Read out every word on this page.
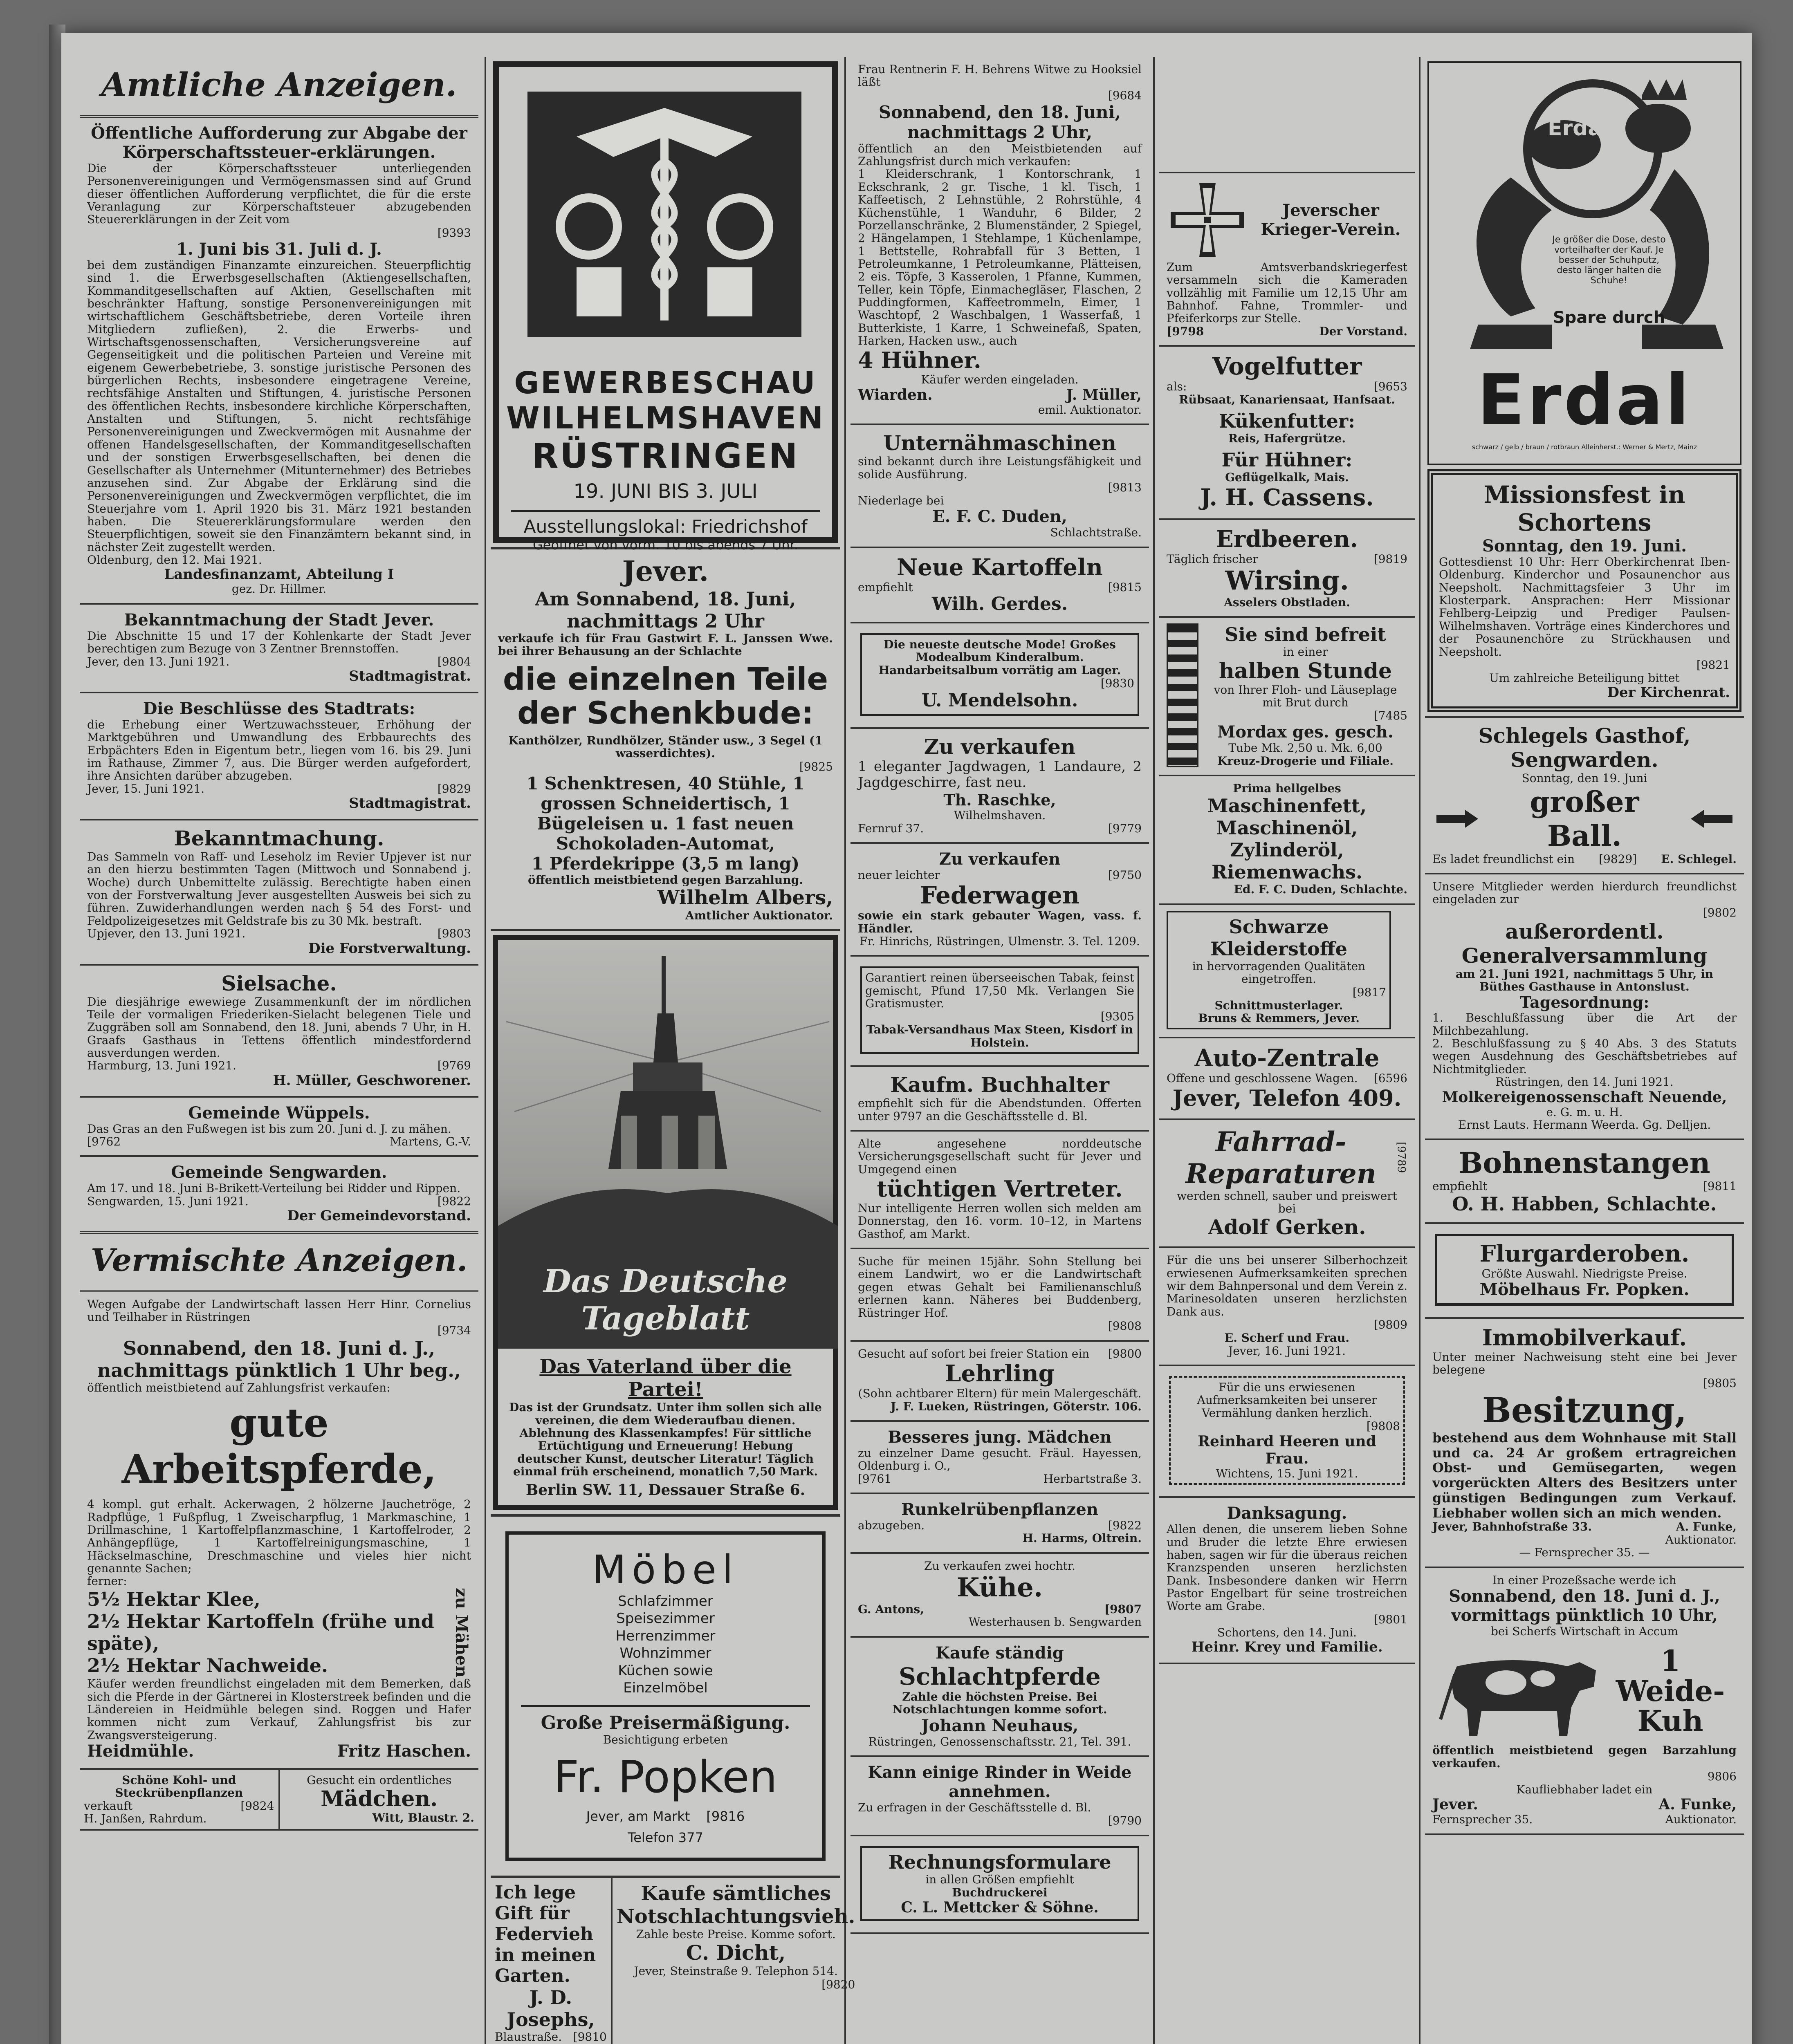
Amtliche Anzeigen.
Öffentliche Aufforderung zur Abgabe der Körperschaftssteuer-erklärungen.
Die der Körperschaftssteuer unterliegenden Personenvereinigungen und Vermögensmassen sind auf Grund dieser öffentlichen Aufforderung verpflichtet, die für die erste Veranlagung zur Körperschaftsteuer abzugebenden Steuererklärungen in der Zeit vom
[9393
1. Juni bis 31. Juli d. J.
bei dem zuständigen Finanzamte einzureichen. Steuerpflichtig sind 1. die Erwerbsgesellschaften (Aktiengesellschaften, Kommanditgesellschaften auf Aktien, Gesellschaften mit beschränkter Haftung, sonstige Personenvereinigungen mit wirtschaftlichem Geschäftsbetriebe, deren Vorteile ihren Mitgliedern zufließen), 2. die Erwerbs- und Wirtschaftsgenossenschaften, Versicherungsvereine auf Gegenseitigkeit und die politischen Parteien und Vereine mit eigenem Gewerbebetriebe, 3. sonstige juristische Personen des bürgerlichen Rechts, insbesondere eingetragene Vereine, rechtsfähige Anstalten und Stiftungen, 4. juristische Personen des öffentlichen Rechts, insbesondere kirchliche Körperschaften, Anstalten und Stiftungen, 5. nicht rechtsfähige Personenvereinigungen und Zweckvermögen mit Ausnahme der offenen Handelsgesellschaften, der Kommanditgesellschaften und der sonstigen Erwerbsgesellschaften, bei denen die Gesellschafter als Unternehmer (Mitunternehmer) des Betriebes anzusehen sind. Zur Abgabe der Erklärung sind die Personenvereinigungen und Zweckvermögen verpflichtet, die im Steuerjahre vom 1. April 1920 bis 31. März 1921 bestanden haben. Die Steuererklärungsformulare werden den Steuerpflichtigen, soweit sie den Finanzämtern bekannt sind, in nächster Zeit zugestellt werden.
Oldenburg, den 12. Mai 1921.
Landesfinanzamt, Abteilung I
gez. Dr. Hillmer.
Bekanntmachung der Stadt Jever.
Die Abschnitte 15 und 17 der Kohlenkarte der Stadt Jever berechtigen zum Bezuge von 3 Zentner Brennstoffen.
Jever, den 13. Juni 1921.	[9804
Stadtmagistrat.
Die Beschlüsse des Stadtrats:
die Erhebung einer Wertzuwachssteuer, Erhöhung der Marktgebühren und Umwandlung des Erbbaurechts des Erbpächters Eden in Eigentum betr., liegen vom 16. bis 29. Juni im Rathause, Zimmer 7, aus. Die Bürger werden aufgefordert, ihre Ansichten darüber abzugeben.
Jever, 15. Juni 1921.	[9829
Stadtmagistrat.
Bekanntmachung.
Das Sammeln von Raff- und Leseholz im Revier Upjever ist nur an den hierzu bestimmten Tagen (Mittwoch und Sonnabend j. Woche) durch Unbemittelte zulässig. Berechtigte haben einen von der Forstverwaltung Jever ausgestellten Ausweis bei sich zu führen. Zuwiderhandlungen werden nach § 54 des Forst- und Feldpolizeigesetzes mit Geldstrafe bis zu 30 Mk. bestraft.
Upjever, den 13. Juni 1921.	[9803
Die Forstverwaltung.
Sielsache.
Die diesjährige ewewiege Zusammenkunft der im nördlichen Teile der vormaligen Friederiken-Sielacht belegenen Tiele und Zuggräben soll am Sonnabend, den 18. Juni, abends 7 Uhr, in H. Graafs Gasthaus in Tettens öffentlich mindestfordernd ausverdungen werden.
Harmburg, 13. Juni 1921.	[9769
H. Müller, Geschworener.
Gemeinde Wüppels.
Das Gras an den Fußwegen ist bis zum 20. Juni d. J. zu mähen.
[9762	Martens, G.-V.
Gemeinde Sengwarden.
Am 17. und 18. Juni B-Brikett-Verteilung bei Ridder und Rippen.
Sengwarden, 15. Juni 1921.	[9822
Der Gemeindevorstand.
Vermischte Anzeigen.
Wegen Aufgabe der Landwirtschaft lassen Herr Hinr. Cornelius und Teilhaber in Rüstringen
[9734
Sonnabend, den 18. Juni d. J., nachmittags pünktlich 1 Uhr beg.,
öffentlich meistbietend auf Zahlungsfrist verkaufen:
gute Arbeitspferde,
4 kompl. gut erhalt. Ackerwagen, 2 hölzerne Jauchetröge, 2 Radpflüge, 1 Fußpflug, 1 Zweischarpflug, 1 Markmaschine, 1 Drillmaschine, 1 Kartoffelpflanzmaschine, 1 Kartoffelroder, 2 Anhängepflüge, 1 Kartoffelreinigungsmaschine, 1 Häckselmaschine, Dreschmaschine und vieles hier nicht genannte Sachen;
ferner:
5½ Hektar Klee,
2½ Hektar Kartoffeln (frühe und späte),
2½ Hektar Nachweide.	zu Mähen
Käufer werden freundlichst eingeladen mit dem Bemerken, daß sich die Pferde in der Gärtnerei in Klosterstreek befinden und die Ländereien in Heidmühle belegen sind. Roggen und Hafer kommen nicht zum Verkauf, Zahlungsfrist bis zur Zwangsversteigerung.
Heidmühle.	Fritz Haschen.
Schöne Kohl- und Steckrübenpflanzen
verkauft	[9824
H. Janßen, Rahrdum.
Gesucht ein ordentliches
Mädchen.
Witt, Blaustr. 2.
GEWERBESCHAU
WILHELMSHAVEN
RÜSTRINGEN
19. JUNI BIS 3. JULI
Ausstellungslokal: Friedrichshof
Geöffnet von vorm. 10 bis abends 7 Uhr.
Jever.
Am Sonnabend, 18. Juni, nachmittags 2 Uhr
verkaufe ich für Frau Gastwirt F. L. Janssen Wwe. bei ihrer Behausung an der Schlachte
die einzelnen Teile der Schenkbude:
Kanthölzer, Rundhölzer, Ständer usw., 3 Segel (1 wasserdichtes).
[9825
1 Schenktresen, 40 Stühle, 1 grossen Schneidertisch, 1 Bügeleisen u. 1 fast neuen Schokoladen-Automat,
1 Pferdekrippe (3,5 m lang)
öffentlich meistbietend gegen Barzahlung.
Wilhelm Albers,
Amtlicher Auktionator.
Das Deutsche Tageblatt
Das Vaterland über die Partei!
Das ist der Grundsatz. Unter ihm sollen sich alle vereinen, die dem Wiederaufbau dienen. Ablehnung des Klassenkampfes! Für sittliche Ertüchtigung und Erneuerung! Hebung deutscher Kunst, deutscher Literatur! Täglich einmal früh erscheinend, monatlich 7,50 Mark.
Berlin SW. 11, Dessauer Straße 6.
Möbel
Schlafzimmer
Speisezimmer
Herrenzimmer
Wohnzimmer
Küchen sowie
Einzelmöbel
Große Preisermäßigung.
Besichtigung erbeten
Fr. Popken
Jever, am Markt [9816
Telefon 377
Ich lege Gift für Federvieh in meinen Garten.
J. D. Josephs,
Blaustraße. [9810
Kaufe sämtliches Notschlachtungsvieh.
Zahle beste Preise. Komme sofort.
C. Dicht,
Jever, Steinstraße 9. Telephon 514.
[9820
Frau Rentnerin F. H. Behrens Witwe zu Hooksiel läßt
[9684
Sonnabend, den 18. Juni, nachmittags 2 Uhr,
öffentlich an den Meistbietenden auf Zahlungsfrist durch mich verkaufen:
1 Kleiderschrank, 1 Kontorschrank, 1 Eckschrank, 2 gr. Tische, 1 kl. Tisch, 1 Kaffeetisch, 2 Lehnstühle, 2 Rohrstühle, 4 Küchenstühle, 1 Wanduhr, 6 Bilder, 2 Porzellanschränke, 2 Blumenständer, 2 Spiegel, 2 Hängelampen, 1 Stehlampe, 1 Küchenlampe, 1 Bettstelle, Rohrabfall für 3 Betten, 1 Petroleumkanne, 1 Petroleumkanne, Plätteisen, 2 eis. Töpfe, 3 Kasserolen, 1 Pfanne, Kummen, Teller, kein Töpfe, Einmachegläser, Flaschen, 2 Puddingformen, Kaffeetrommeln, Eimer, 1 Waschtopf, 2 Waschbalgen, 1 Wasserfaß, 1 Butterkiste, 1 Karre, 1 Schweinefaß, Spaten, Harken, Hacken usw., auch
4 Hühner.
Käufer werden eingeladen.
Wiarden.	J. Müller,
emil. Auktionator.
Unternähmaschinen
sind bekannt durch ihre Leistungsfähigkeit und solide Ausführung.
[9813
Niederlage bei
E. F. C. Duden,
Schlachtstraße.
Neue Kartoffeln
empfiehlt	[9815
Wilh. Gerdes.
Die neueste deutsche Mode! Großes Modealbum Kinderalbum. Handarbeitsalbum vorrätig am Lager.
[9830
U. Mendelsohn.
Zu verkaufen
1 eleganter Jagdwagen, 1 Landaure, 2 Jagdgeschirre, fast neu.
Th. Raschke,
Wilhelmshaven.
Fernruf 37.	[9779
Zu verkaufen
neuer leichter	[9750
Federwagen
sowie ein stark gebauter Wagen, vass. f. Händler.
Fr. Hinrichs, Rüstringen, Ulmenstr. 3. Tel. 1209.
Garantiert reinen überseeischen Tabak, feinst gemischt, Pfund 17,50 Mk. Verlangen Sie Gratismuster.
[9305
Tabak-Versandhaus Max Steen, Kisdorf in Holstein.
Kaufm. Buchhalter
empfiehlt sich für die Abendstunden. Offerten unter 9797 an die Geschäftsstelle d. Bl.
Alte angesehene norddeutsche Versicherungsgesellschaft sucht für Jever und Umgegend einen
tüchtigen Vertreter.
Nur intelligente Herren wollen sich melden am Donnerstag, den 16. vorm. 10–12, in Martens Gasthof, am Markt.
Suche für meinen 15jähr. Sohn Stellung bei einem Landwirt, wo er die Landwirtschaft gegen etwas Gehalt bei Familienanschluß erlernen kann. Näheres bei Buddenberg, Rüstringer Hof.
[9808
Gesucht auf sofort bei freier Station ein [9800
Lehrling
(Sohn achtbarer Eltern) für mein Malergeschäft.
J. F. Lueken, Rüstringen, Göterstr. 106.
Besseres jung. Mädchen
zu einzelner Dame gesucht. Fräul. Hayessen, Oldenburg i. O.,
[9761	Herbartstraße 3.
Runkelrübenpflanzen
abzugeben.	[9822
H. Harms, Oltrein.
Zu verkaufen zwei hochtr.
Kühe.
G. Antons,	[9807
Westerhausen b. Sengwarden
Kaufe ständig
Schlachtpferde
Zahle die höchsten Preise. Bei Notschlachtungen komme sofort.
Johann Neuhaus,
Rüstringen, Genossenschaftsstr. 21, Tel. 391.
Kann einige Rinder in Weide annehmen.
Zu erfragen in der Geschäftsstelle d. Bl.
[9790
Rechnungsformulare
in allen Größen empfiehlt
Buchdruckerei
C. L. Mettcker & Söhne.
Jeverscher Krieger-Verein.
Zum Amtsverbandskriegerfest versammeln sich die Kameraden vollzählig mit Familie um 12,15 Uhr am Bahnhof. Fahne, Trommler- und Pfeiferkorps zur Stelle.
[9798	Der Vorstand.
Vogelfutter
als:	[9653
Rübsaat, Kanariensaat, Hanfsaat.
Kükenfutter:
Reis, Hafergrütze.
Für Hühner:
Geflügelkalk, Mais.
J. H. Cassens.
Erdbeeren.
Täglich frischer	[9819
Wirsing.
Asselers Obstladen.
Sie sind befreit
in einer
halben Stunde
von Ihrer Floh- und Läuseplage mit Brut durch
[7485
Mordax ges. gesch.
Tube Mk. 2,50 u. Mk. 6,00
Kreuz-Drogerie und Filiale.
Prima hellgelbes
Maschinenfett,
Maschinenöl,
Zylinderöl,
Riemenwachs.
Ed. F. C. Duden, Schlachte.
Schwarze Kleiderstoffe
in hervorragenden Qualitäten eingetroffen.
[9817
Schnittmusterlager.
Bruns & Remmers, Jever.
Auto-Zentrale
Offene und geschlossene Wagen. [6596
Jever, Telefon 409.
Fahrrad-Reparaturen	[9789
werden schnell, sauber und preiswert bei
Adolf Gerken.
Für die uns bei unserer Silberhochzeit erwiesenen Aufmerksamkeiten sprechen wir dem Bahnpersonal und dem Verein z. Marinesoldaten unseren herzlichsten Dank aus.
[9809
E. Scherf und Frau.
Jever, 16. Juni 1921.
Für die uns erwiesenen Aufmerksamkeiten bei unserer Vermählung danken herzlich.
[9808
Reinhard Heeren und Frau.
Wichtens, 15. Juni 1921.
Danksagung.
Allen denen, die unserem lieben Sohne und Bruder die letzte Ehre erwiesen haben, sagen wir für die überaus reichen Kranzspenden unseren herzlichsten Dank. Insbesondere danken wir Herrn Pastor Engelbart für seine trostreichen Worte am Grabe.
[9801
Schortens, den 14. Juni.
Heinr. Krey und Familie.
Erdal
Je größer die Dose, desto vorteilhafter der Kauf. Je besser der Schuhputz, desto länger halten die Schuhe!
Spare durch
Erdal
schwarz / gelb / braun / rotbraun Alleinherst.: Werner & Mertz, Mainz
Missionsfest in Schortens
Sonntag, den 19. Juni.
Gottesdienst 10 Uhr: Herr Oberkirchenrat Iben-Oldenburg. Kinderchor und Posaunenchor aus Neepsholt. Nachmittagsfeier 3 Uhr im Klosterpark. Ansprachen: Herr Missionar Fehlberg-Leipzig und Prediger Paulsen-Wilhelmshaven. Vorträge eines Kinderchores und der Posaunenchöre zu Strückhausen und Neepsholt.
[9821
Um zahlreiche Beteiligung bittet
Der Kirchenrat.
Schlegels Gasthof, Sengwarden.
Sonntag, den 19. Juni
großer Ball.
Es ladet freundlichst ein [9829] E. Schlegel.
Unsere Mitglieder werden hierdurch freundlichst eingeladen zur
[9802
außerordentl. Generalversammlung
am 21. Juni 1921, nachmittags 5 Uhr, in Büthes Gasthause in Antonslust.
Tagesordnung:
1. Beschlußfassung über die Art der Milchbezahlung.
2. Beschlußfassung zu § 40 Abs. 3 des Statuts wegen Ausdehnung des Geschäftsbetriebes auf Nichtmitglieder.
Rüstringen, den 14. Juni 1921.
Molkereigenossenschaft Neuende,
e. G. m. u. H.
Ernst Lauts. Hermann Weerda. Gg. Delljen.
Bohnenstangen
empfiehlt	[9811
O. H. Habben, Schlachte.
Flurgarderoben.
Größte Auswahl. Niedrigste Preise.
Möbelhaus Fr. Popken.
Immobilverkauf.
Unter meiner Nachweisung steht eine bei Jever belegene
[9805
Besitzung,
bestehend aus dem Wohnhause mit Stall und ca. 24 Ar großem ertragreichen Obst- und Gemüsegarten, wegen vorgerückten Alters des Besitzers unter günstigen Bedingungen zum Verkauf. Liebhaber wollen sich an mich wenden.
Jever, Bahnhofstraße 33.	A. Funke,
Auktionator.
— Fernsprecher 35. —
In einer Prozeßsache werde ich
Sonnabend, den 18. Juni d. J., vormittags pünktlich 10 Uhr,
bei Scherfs Wirtschaft in Accum
1 Weide-Kuh
öffentlich meistbietend gegen Barzahlung verkaufen.
9806
Kaufliebhaber ladet ein
Jever.	A. Funke,
Fernsprecher 35.	Auktionator.
